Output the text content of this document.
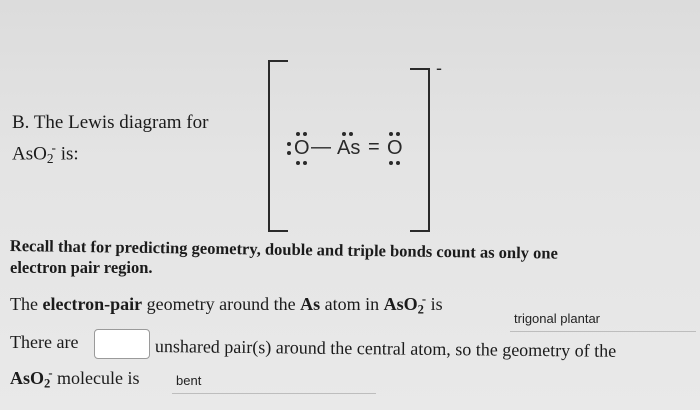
B. The Lewis diagram for
AsO$_2$- is:
-
O — As = O
Recall that for predicting geometry, double and triple bonds count as only one
electron pair region.
The electron-pair geometry around the As atom in AsO$_2$- is
trigonal plantar
There are	unshared pair(s) around the central atom, so the geometry of the
AsO$_2$- molecule is	bent
